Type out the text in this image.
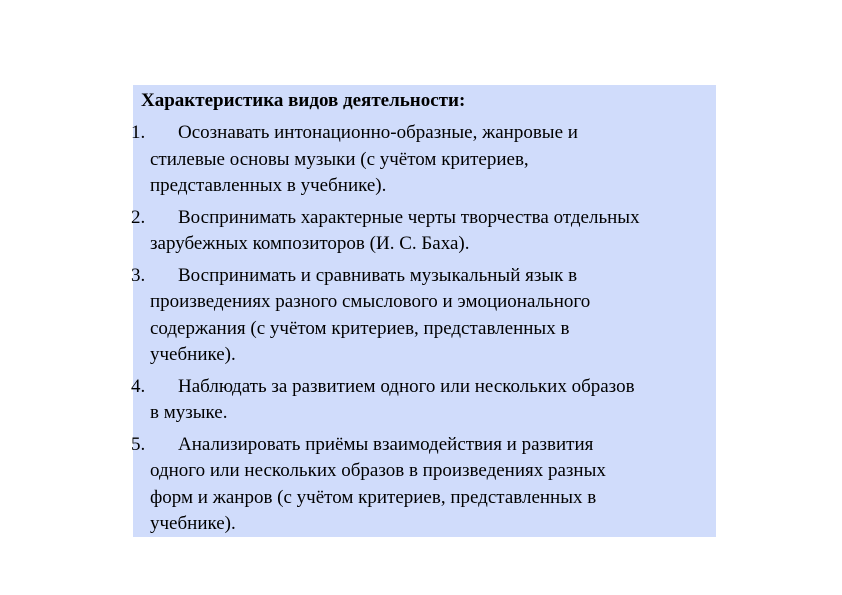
Характеристика видов деятельности:
1.	Осознавать интонационно-образные, жанровые и
стилевые основы музыки (с учётом критериев,
представленных в учебнике).
2.	Воспринимать характерные черты творчества отдельных
зарубежных композиторов (И. С. Баха).
3.	Воспринимать и сравнивать музыкальный язык в
произведениях разного смыслового и эмоционального
содержания (с учётом критериев, представленных в
учебнике).
4.	Наблюдать за развитием одного или нескольких образов
в музыке.
5.	Анализировать приёмы взаимодействия и развития
одного или нескольких образов в произведениях разных
форм и жанров (с учётом критериев, представленных в
учебнике).
